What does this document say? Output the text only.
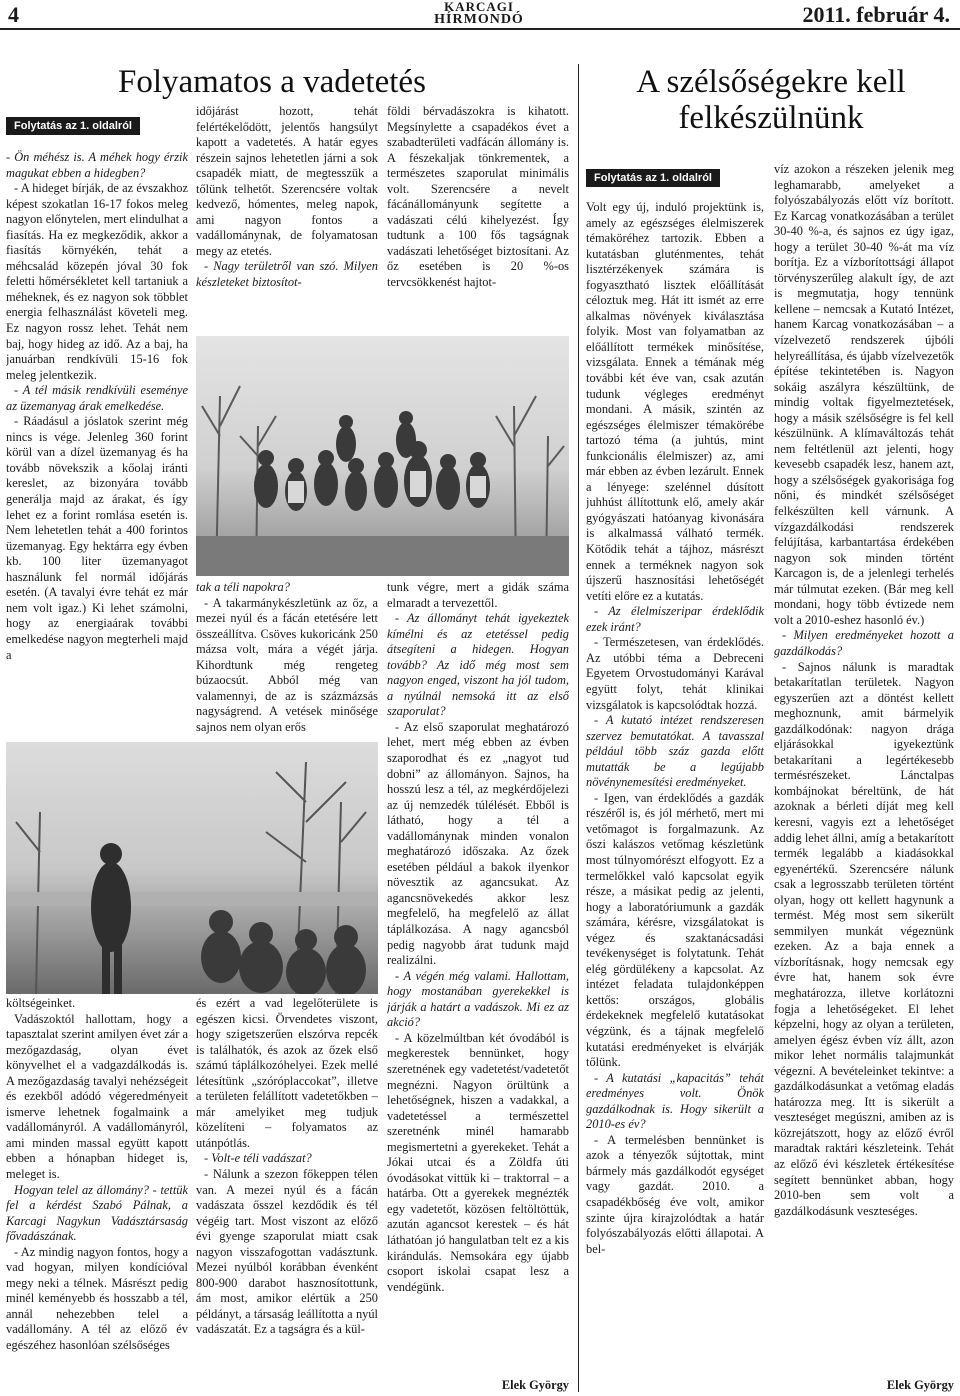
4	KARCAGI
HÍRMONDÓ	2011. február 4.
Folyamatos a vadetetés
Folytatás az 1. oldalról

- Ön méhész is. A méhek hogy érzik magukat ebben a hidegben?

- A hideget bírják, de az évszakhoz képest szokatlan 16-17 fokos meleg nagyon előnytelen, mert elindulhat a fiasítás. Ha ez megkeződik, akkor a fiasítás környékén, tehát a méhcsalád közepén jóval 30 fok feletti hőmérsékletet kell tartaniuk a méheknek, és ez nagyon sok többlet energia felhasználást követeli meg. Ez nagyon rossz lehet. Tehát nem baj, hogy hideg az idő. Az a baj, ha januárban rendkívüli 15-16 fok meleg jelentkezik.

- A tél másik rendkívüli eseménye az üzemanyag árak emelkedése.

- Ráadásul a jóslatok szerint még nincs is vége. Jelenleg 360 forint körül van a dízel üzemanyag és ha tovább növekszik a kőolaj iránti kereslet, az bizonyára tovább generálja majd az árakat, és így lehet ez a forint romlása esetén is. Nem lehetetlen tehát a 400 forintos üzemanyag. Egy hektárra egy évben kb. 100 liter üzemanyagot használunk fel normál időjárás esetén. (A tavalyi évre tehát ez már nem volt igaz.) Ki lehet számolni, hogy az energiaárak további emelkedése nagyon megterheli majd a

időjárást hozott, tehát felértékelődött, jelentős hangsúlyt kapott a vadetetés. A határ egyes részein sajnos lehetetlen járni a sok csapadék miatt, de megtesszük a tőlünk telhetőt. Szerencsére voltak kedvező, hómentes, meleg napok, ami nagyon fontos a vadállománynak, de folyamatosan megy az etetés.

- Nagy területről van szó. Milyen készleteket biztosítot-

földi bérvadászokra is kihatott. Megsínylette a csapadékos évet a szabadterületi vadfácán állomány is. A fészekaljak tönkrementek, a természetes szaporulat minimális volt. Szerencsére a nevelt fácánállományunk segítette a vadászati célú kihelyezést. Így tudtunk a 100 fős tagságnak vadászati lehetőséget biztosítani. Az őz esetében is 20 %-os tervcsökkenést hajtot-

tak a téli napokra?

- A takarmánykészletünk az őz, a mezei nyúl és a fácán etetésére lett összeállítva. Csöves kukoricánk 250 mázsa volt, mára a végét járja. Kihordtunk még rengeteg búzaocsút. Abból még van valamennyi, de az is százmázsás nagyságrend. A vetések minősége sajnos nem olyan erős

tunk végre, mert a gidák száma elmaradt a tervezettől.

- Az állományt tehát igyekeztek kímélni és az etetéssel pedig átsegíteni a hidegen. Hogyan tovább? Az idő még most sem nagyon enged, viszont ha jól tudom, a nyúlnál nemsoká itt az első szaporulat?

- Az első szaporulat meghatározó lehet, mert még ebben az évben szaporodhat és ez „nagyot tud dobni” az állományon. Sajnos, ha hosszú lesz a tél, az megkérdőjelezi az új nemzedék túlélését. Ebből is látható, hogy a tél a vadállománynak minden vonalon meghatározó időszaka. Az őzek esetében például a bakok ilyenkor növesztik az agancsukat. Az agancsnövekedés akkor lesz megfelelő, ha megfelelő az állat táplálkozása. A nagy agancsból pedig nagyobb árat tudunk majd realizálni.

- A végén még valami. Hallottam, hogy mostanában gyerekekkel is járják a határt a vadászok. Mi ez az akció?

- A közelmúltban két óvodából is megkerestek bennünket, hogy szeretnének egy vadetetést/vadetetőt megnézni. Nagyon örültünk a lehetőségnek, hiszen a vadakkal, a vadetetéssel a természettel szeretnénk minél hamarabb megismertetni a gyerekeket. Tehát a Jókai utcai és a Zöldfa úti óvodásokat vittük ki – traktorral – a határba. Ott a gyerekek megnézték egy vadetetőt, közösen feltöltöttük, azután agancsot kerestek – és hát láthatóan jó hangulatban telt ez a kis kirándulás. Nemsokára egy újabb csoport iskolai csapat lesz a vendégünk.

költségeinket.

Vadászoktól hallottam, hogy a tapasztalat szerint amilyen évet zár a mezőgazdaság, olyan évet könyvelhet el a vadgazdálkodás is. A mezőgazdaság tavalyi nehézségeit és ezekből adódó végeredményeit ismerve lehetnek fogalmaink a vadállományról. A vadállományról, ami minden massal együtt kapott ebben a hónapban hideget is, meleget is.

Hogyan telel az állomány? - tettük fel a kérdést Szabó Pálnak, a Karcagi Nagykun Vadásztársaság fővadászának.

- Az mindig nagyon fontos, hogy a vad hogyan, milyen kondícióval megy neki a télnek. Másrészt pedig minél keményebb és hosszabb a tél, annál nehezebben telel a vadállomány. A tél az előző év egészéhez hasonlóan szélsőséges

és ezért a vad legelőterülete is egészen kicsi. Örvendetes viszont, hogy szigetszerűen elszórva repcék is találhatók, és azok az őzek első számú táplálkozóhelyei. Ezek mellé létesítünk „szóróplaccokat”, illetve a területen felállított vadetetőkben – már amelyiket meg tudjuk közelíteni – folyamatos az utánpótlás.

- Volt-e téli vadászat?

- Nálunk a szezon főkeppen télen van. A mezei nyúl és a fácán vadászata ősszel kezdődik és tél végéig tart. Most viszont az előző évi gyenge szaporulat miatt csak nagyon visszafogottan vadásztunk. Mezei nyúlból korábban évenként 800-900 darabot hasznosítottunk, ám most, amikor elértük a 250 példányt, a társaság leállította a nyúl vadászatát. Ez a tagságra és a kül-

Elek György
A szélsőségekre kell
felkészülnünk
Folytatás az 1. oldalról

Volt egy új, induló projektünk is, amely az egészséges élelmiszerek témaköréhez tartozik. Ebben a kutatásban gluténmentes, tehát lisztérzékenyek számára is fogyasztható lisztek előállítását céloztuk meg. Hát itt ismét az erre alkalmas növények kiválasztása folyik. Most van folyamatban az előállított termékek minősítése, vizsgálata. Ennek a témának még további két éve van, csak azután tudunk végleges eredményt mondani. A másik, szintén az egészséges élelmiszer témakörébe tartozó téma (a juhtús, mint funkcionális élelmiszer) az, ami már ebben az évben lezárult. Ennek a lényege: szelénnel dúsított juhhúst állítottunk elő, amely akár gyógyászati hatóanyag kivonására is alkalmassá válható termék. Kötődik tehát a tájhoz, másrészt ennek a terméknek nagyon sok újszerű hasznosítási lehetőségét vetíti előre ez a kutatás.

- Az élelmiszeripar érdeklődik ezek iránt?

- Természetesen, van érdeklődés. Az utóbbi téma a Debreceni Egyetem Orvostudományi Karával együtt folyt, tehát klinikai vizsgálatok is kapcsolódtak hozzá.

- A kutató intézet rendszeresen szervez bemutatókat. A tavasszal például több száz gazda előtt mutatták be a legújabb növénynemesítési eredményeket.

- Igen, van érdeklődés a gazdák részéről is, és jól mérhető, mert mi vetőmagot is forgalmazunk. Az őszi kalászos vetőmag készletünk most túlnyomórészt elfogyott. Ez a termelőkkel való kapcsolat egyik része, a másikat pedig az jelenti, hogy a laboratóriumunk a gazdák számára, kérésre, vizsgálatokat is végez és szaktanácsadási tevékenységet is folytatunk. Tehát elég gördülékeny a kapcsolat. Az intézet feladata tulajdonképpen kettős: országos, globális érdekeknek megfelelő kutatásokat végzünk, és a tájnak megfelelő kutatási eredményeket is elvárják tőlünk.

- A kutatási „kapacitás” tehát eredményes volt. Önök gazdálkodnak is. Hogy sikerült a 2010-es év?

- A termelésben bennünket is azok a tényezők sújtottak, mint bármely más gazdálkodót egységet vagy gazdát. 2010. a csapadékbőség éve volt, amikor szinte újra kirajzolódtak a határ folyószabályozás előtti állapotai. A bel-

víz azokon a részeken jelenik meg leghamarabb, amelyeket a folyószabályozás előtt víz borított. Ez Karcag vonatkozásában a terület 30-40 %-a, és sajnos ez úgy igaz, hogy a terület 30-40 %-át ma víz borítja. Ez a vízborítottsági állapot törvényszerűleg alakult így, de azt is megmutatja, hogy tennünk kellene – nemcsak a Kutató Intézet, hanem Karcag vonatkozásában – a vízelvezető rendszerek újbóli helyreállítása, és újabb vízelvezetők építése tekintetében is. Nagyon sokáig aszályra készültünk, de mindig voltak figyelmeztetések, hogy a másik szélsőségre is fel kell készülnünk. A klímaváltozás tehát nem feltétlenül azt jelenti, hogy kevesebb csapadék lesz, hanem azt, hogy a szélsőségek gyakorisága fog nőni, és mindkét szélsőséget felkészülten kell várnunk. A vízgazdálkodási rendszerek felújítása, karbantartása érdekében nagyon sok minden történt Karcagon is, de a jelenlegi terhelés már túlmutat ezeken. (Bár meg kell mondani, hogy több évtizede nem volt a 2010-eshez hasonló év.)

- Milyen eredményeket hozott a gazdálkodás?

- Sajnos nálunk is maradtak betakarítatlan területek. Nagyon egyszerűen azt a döntést kellett meghoznunk, amit bármelyik gazdálkodónak: nagyon drága eljárásokkal igyekeztünk betakarítani a legértékesebb termésrészeket. Lánctalpas kombájnokat béreltünk, de hát azoknak a bérleti díját meg kell keresni, vagyis ezt a lehetőséget addig lehet állni, amíg a betakarított termék legalább a kiadásokkal egyenértékű. Szerencsére nálunk csak a legrosszabb területen történt olyan, hogy ott kellett hagynunk a termést. Még most sem sikerült semmilyen munkát végeznünk ezeken. Az a baja ennek a vízborításnak, hogy nemcsak egy évre hat, hanem sok évre meghatározza, illetve korlátozni fogja a lehetőségeket. El lehet képzelni, hogy az olyan a területen, amelyen égész évben víz állt, azon mikor lehet normális talajmunkát végezni. A bevételeinket tekintve: a gazdálkodásunkat a vetőmag eladás határozza meg. Itt is sikerült a veszteséget megúszni, amiben az is közrejátszott, hogy az előző évről maradtak raktári készleteink. Tehát az előző évi készletek értékesítése segített bennünket abban, hogy 2010-ben sem volt a gazdálkodásunk veszteséges.

Elek György
